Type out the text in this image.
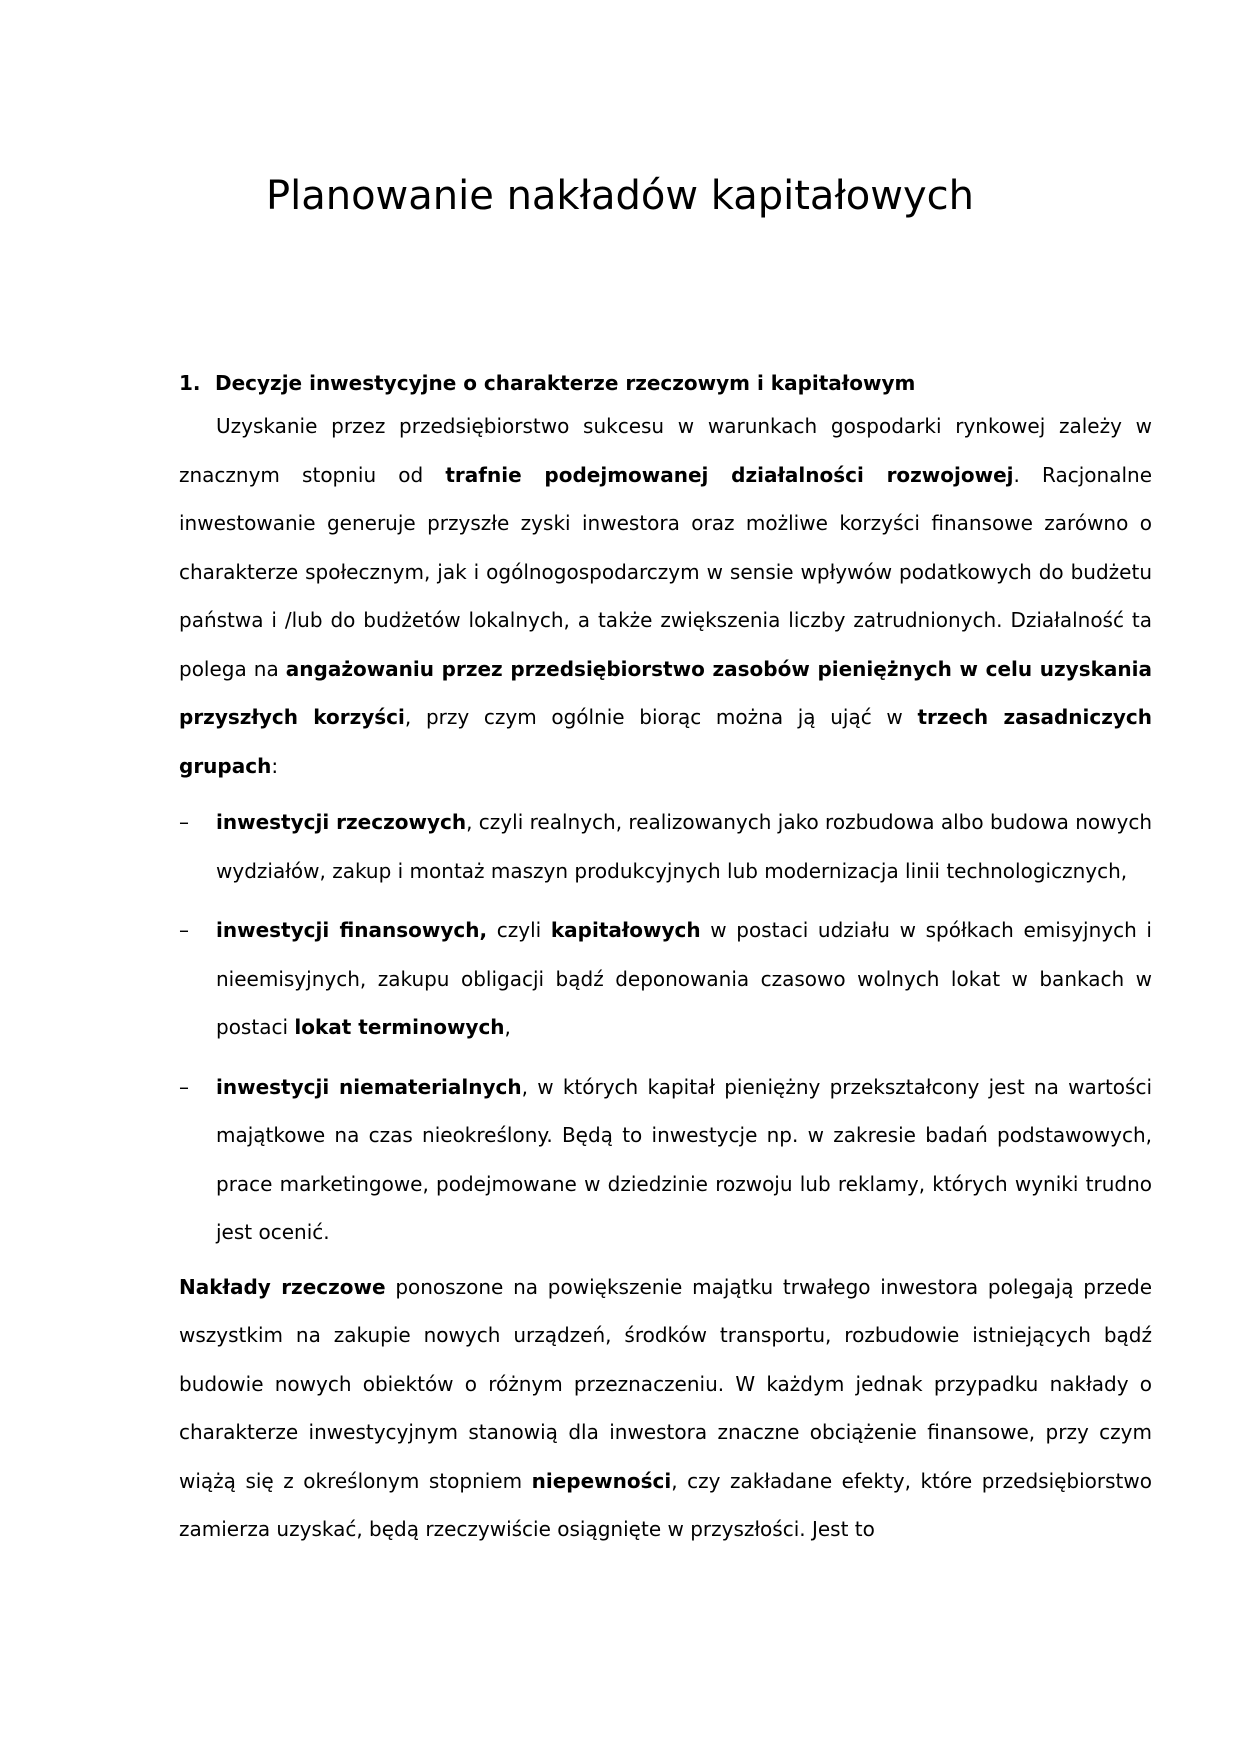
Planowanie nakładów kapitałowych

1. Decyzje inwestycyjne o charakterze rzeczowym i kapitałowym

Uzyskanie przez przedsiębiorstwo sukcesu w warunkach gospodarki rynkowej zależy w znacznym stopniu od trafnie podejmowanej działalności rozwojowej. Racjonalne inwestowanie generuje przyszłe zyski inwestora oraz możliwe korzyści finansowe zarówno o charakterze społecznym, jak i ogólnogospodarczym w sensie wpływów podatkowych do budżetu państwa i /lub do budżetów lokalnych, a także zwiększenia liczby zatrudnionych. Działalność ta polega na angażowaniu przez przedsiębiorstwo zasobów pieniężnych w celu uzyskania przyszłych korzyści, przy czym ogólnie biorąc można ją ująć w trzech zasadniczych grupach:

– inwestycji rzeczowych, czyli realnych, realizowanych jako rozbudowa albo budowa nowych wydziałów, zakup i montaż maszyn produkcyjnych lub modernizacja linii technologicznych,
– inwestycji finansowych, czyli kapitałowych w postaci udziału w spółkach emisyjnych i nieemisyjnych, zakupu obligacji bądź deponowania czasowo wolnych lokat w bankach w postaci lokat terminowych,
– inwestycji niematerialnych, w których kapitał pieniężny przekształcony jest na wartości majątkowe na czas nieokreślony. Będą to inwestycje np. w zakresie badań podstawowych, prace marketingowe, podejmowane w dziedzinie rozwoju lub reklamy, których wyniki trudno jest ocenić.

Nakłady rzeczowe ponoszone na powiększenie majątku trwałego inwestora polegają przede wszystkim na zakupie nowych urządzeń, środków transportu, rozbudowie istniejących bądź budowie nowych obiektów o różnym przeznaczeniu. W każdym jednak przypadku nakłady o charakterze inwestycyjnym stanowią dla inwestora znaczne obciążenie finansowe, przy czym wiążą się z określonym stopniem niepewności, czy zakładane efekty, które przedsiębiorstwo zamierza uzyskać, będą rzeczywiście osiągnięte w przyszłości. Jest to
